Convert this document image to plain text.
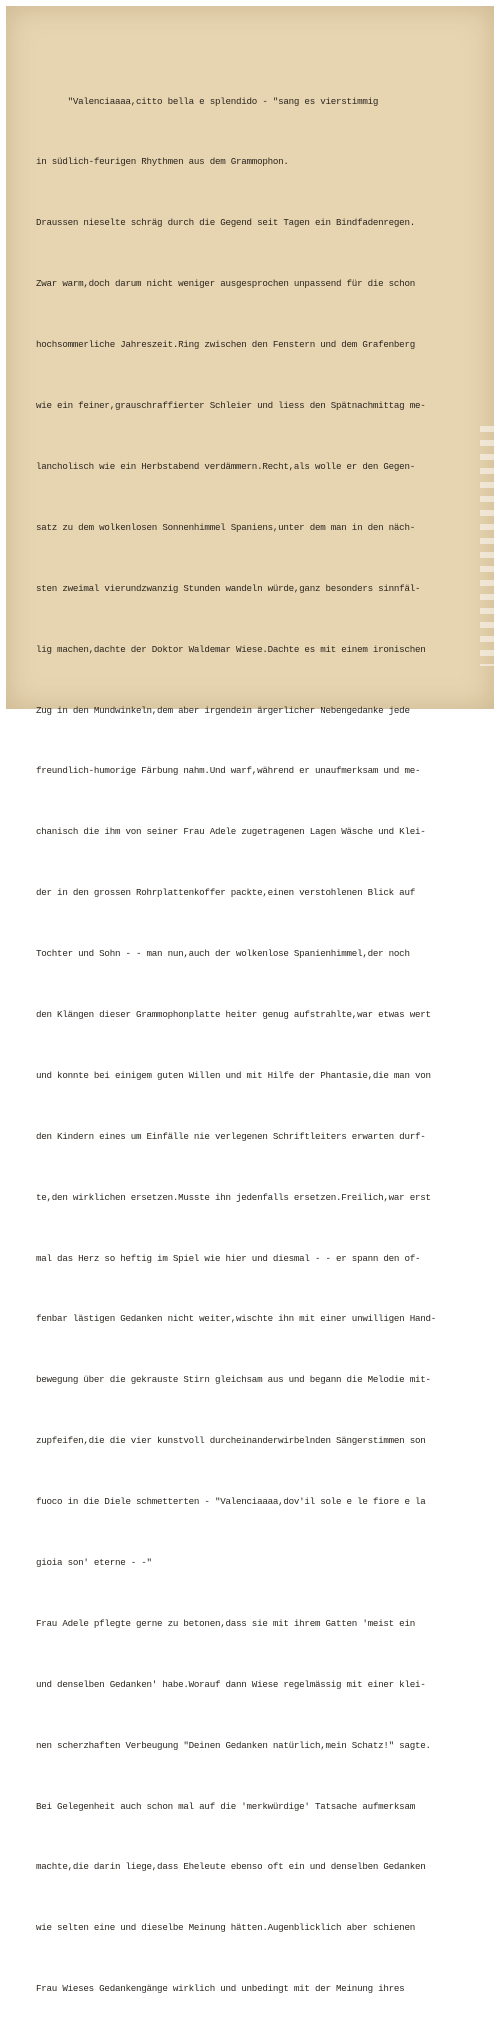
"Valenciaaaa,citto bella e splendido - "sang es vierstimmig

in südlich-feurigen Rhythmen aus dem Grammophon.

Draussen nieselte schräg durch die Gegend seit Tagen ein Bindfadenregen.

Zwar warm,doch darum nicht weniger ausgesprochen unpassend für die schon

hochsommerliche Jahreszeit.Ring zwischen den Fenstern und dem Grafenberg

wie ein feiner,grauschraffierter Schleier und liess den Spätnachmittag me-

lancholisch wie ein Herbstabend verdämmern.Recht,als wolle er den Gegen-

satz zu dem wolkenlosen Sonnenhimmel Spaniens,unter dem man in den näch-

sten zweimal vierundzwanzig Stunden wandeln würde,ganz besonders sinnfäl-

lig machen,dachte der Doktor Waldemar Wiese.Dachte es mit einem ironischen

Zug in den Mundwinkeln,dem aber irgendein ärgerlicher Nebengedanke jede

freundlich-humorige Färbung nahm.Und warf,während er unaufmerksam und me-

chanisch die ihm von seiner Frau Adele zugetragenen Lagen Wäsche und Klei-

der in den grossen Rohrplattenkoffer packte,einen verstohlenen Blick auf

Tochter und Sohn - - man nun,auch der wolkenlose Spanienhimmel,der noch

den Klängen dieser Grammophonplatte heiter genug aufstrahlte,war etwas wert

und konnte bei einigem guten Willen und mit Hilfe der Phantasie,die man von

den Kindern eines um Einfälle nie verlegenen Schriftleiters erwarten durf-

te,den wirklichen ersetzen.Musste ihn jedenfalls ersetzen.Freilich,war erst

mal das Herz so heftig im Spiel wie hier und diesmal - - er spann den of-

fenbar lästigen Gedanken nicht weiter,wischte ihn mit einer unwilligen Hand-

bewegung über die gekrauste Stirn gleichsam aus und begann die Melodie mit-

zupfeifen,die die vier kunstvoll durcheinanderwirbelnden Sängerstimmen son

fuoco in die Diele schmetterten - "Valenciaaaa,dov'il sole e le fiore e la

gioia son' eterne - -"

Frau Adele pflegte gerne zu betonen,dass sie mit ihrem Gatten 'meist ein

und denselben Gedanken' habe.Worauf dann Wiese regelmässig mit einer klei-

nen scherzhaften Verbeugung "Deinen Gedanken natürlich,mein Schatz!" sagte.

Bei Gelegenheit auch schon mal auf die 'merkwürdige' Tatsache aufmerksam

machte,die darin liege,dass Eheleute ebenso oft ein und denselben Gedanken

wie selten eine und dieselbe Meinung hätten.Augenblicklich aber schienen

Frau Wieses Gedankengänge wirklich und unbedingt mit der Meinung ihres
